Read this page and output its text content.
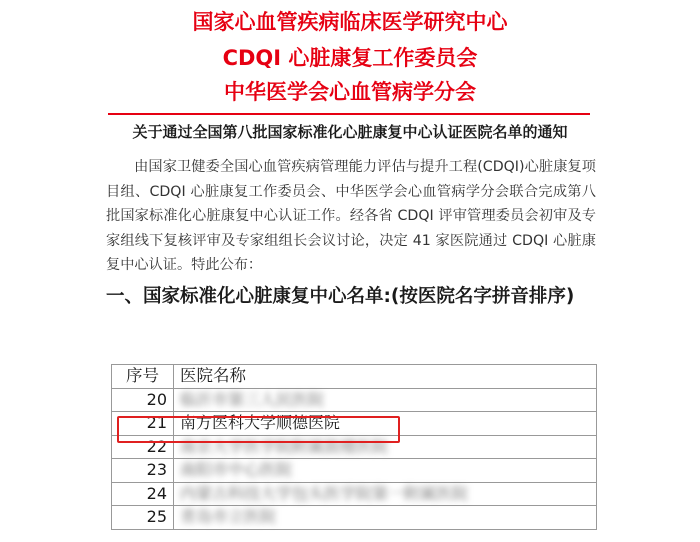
国家心血管疾病临床医学研究中心
CDQI 心脏康复工作委员会
中华医学会心血管病学分会
关于通过全国第八批国家标准化心脏康复中心认证医院名单的通知
由国家卫健委全国心血管疾病管理能力评估与提升工程(CDQI)心脏康复项目组、CDQI 心脏康复工作委员会、中华医学会心血管病学分会联合完成第八批国家标准化心脏康复中心认证工作。经各省 CDQI 评审管理委员会初审及专家组线下复核评审及专家组组长会议讨论，决定 41 家医院通过 CDQI 心脏康复中心认证。特此公布：
一、国家标准化心脏康复中心名单:(按医院名字拼音排序)
序号	医院名称
20	临沂市第三人民医院
21	南方医科大学顺德医院
22	南京大学医学院附属鼓楼医院
23	南阳市中心医院
24	内蒙古科技大学包头医学院第一附属医院
25	青岛市立医院
